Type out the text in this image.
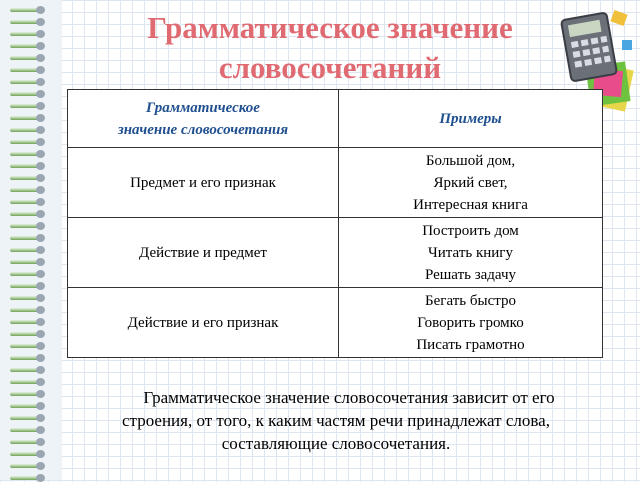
Грамматическое значение
словосочетаний
Грамматическое
значение словосочетания	Примеры
Предмет и его признак	Большой дом,
Яркий свет,
Интересная книга

Действие и предмет	Построить дом
Читать книгу
Решать задачу

Действие и его признак	Бегать быстро
Говорить громко
Писать грамотно
Грамматическое значение словосочетания зависит от его
строения, от того, к каким частям речи принадлежат слова,
составляющие словосочетания.
